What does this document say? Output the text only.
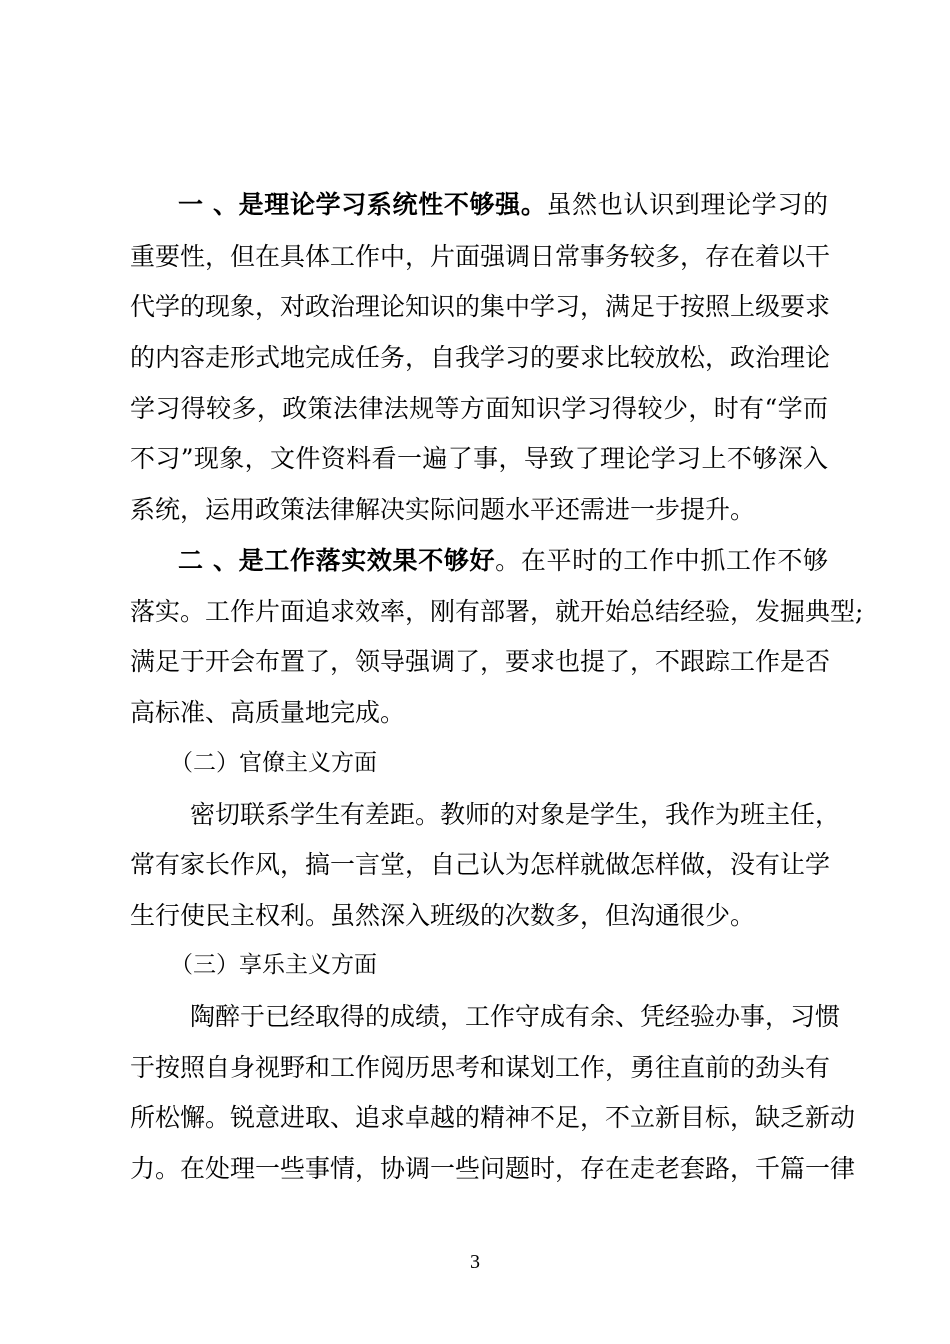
一 、是理论学习系统性不够强。虽然也认识到理论学习的
重要性，但在具体工作中，片面强调日常事务较多，存在着以干
代学的现象，对政治理论知识的集中学习，满足于按照上级要求
的内容走形式地完成任务，自我学习的要求比较放松，政治理论
学习得较多，政策法律法规等方面知识学习得较少，时有“学而
不习”现象，文件资料看一遍了事，导致了理论学习上不够深入
系统，运用政策法律解决实际问题水平还需进一步提升。
二 、是工作落实效果不够好。在平时的工作中抓工作不够
落实。工作片面追求效率，刚有部署，就开始总结经验，发掘典型;
满足于开会布置了，领导强调了，要求也提了，不跟踪工作是否
高标准、高质量地完成。
（二）官僚主义方面
密切联系学生有差距。教师的对象是学生，我作为班主任，
常有家长作风，搞一言堂，自己认为怎样就做怎样做，没有让学
生行使民主权利。虽然深入班级的次数多，但沟通很少。
（三）享乐主义方面
陶醉于已经取得的成绩，工作守成有余、凭经验办事，习惯
于按照自身视野和工作阅历思考和谋划工作，勇往直前的劲头有
所松懈。锐意进取、追求卓越的精神不足，不立新目标，缺乏新动
力。在处理一些事情，协调一些问题时，存在走老套路，千篇一律
3
